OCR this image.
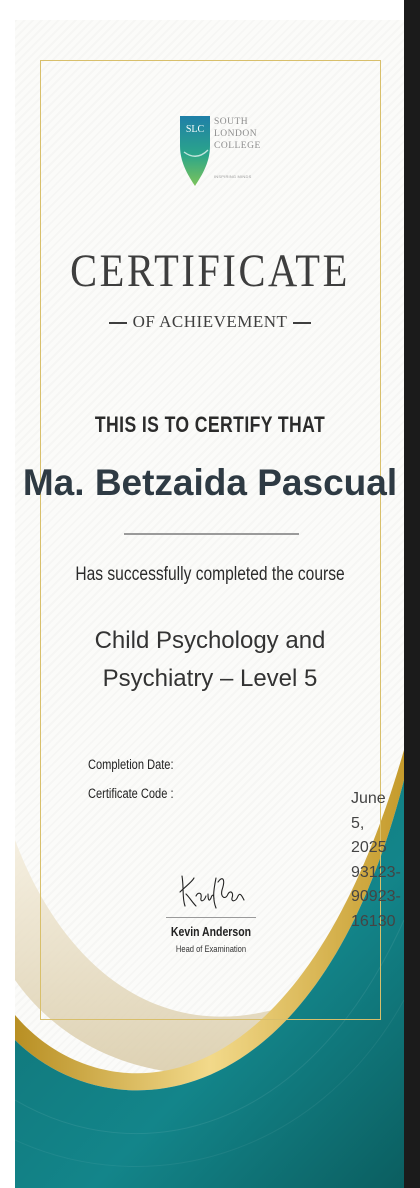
SLC
SOUTH
LONDON
COLLEGE
INSPIRING MINDS
CERTIFICATE
OF ACHIEVEMENT
THIS IS TO CERTIFY THAT
Ma. Betzaida Pascual
Has successfully completed the course
Child Psychology and
Psychiatry – Level 5
Completion Date:
Certificate Code :	June
5,
2025
93123-
90923-
16130
Kevin Anderson
Head of Examination
